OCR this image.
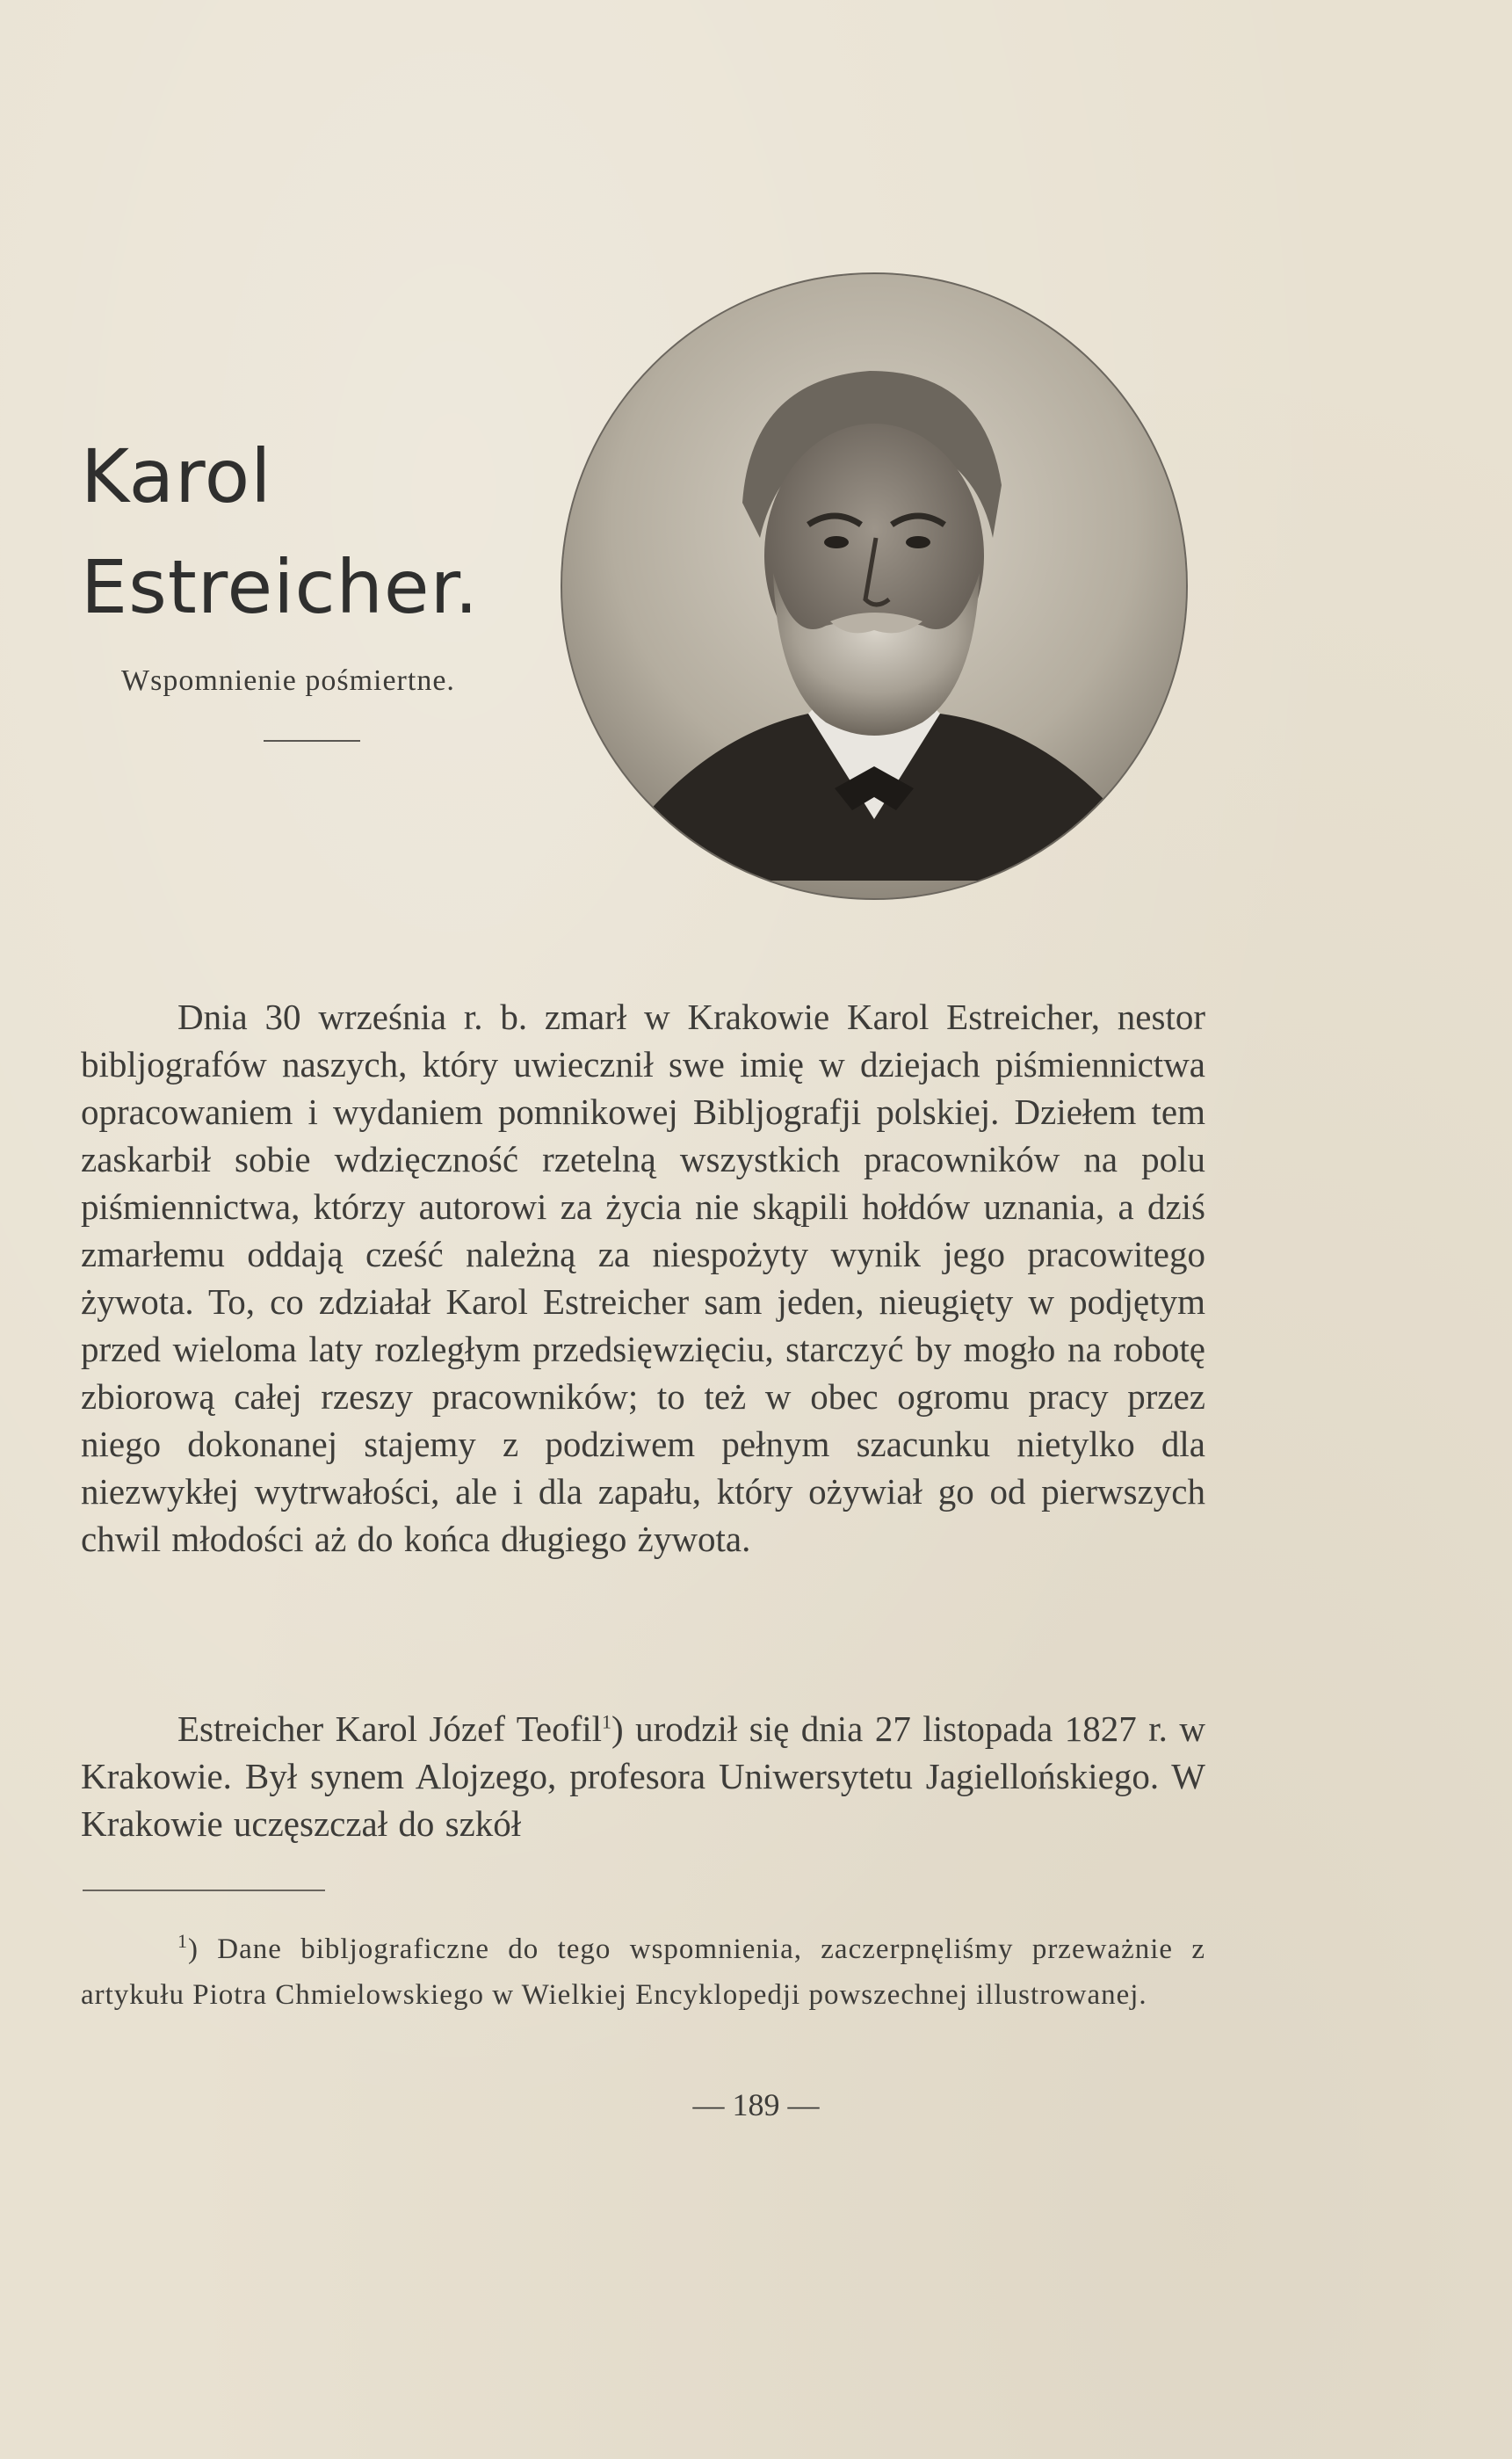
Karol
Estreicher.
Wspomnienie pośmiertne.

Dnia 30 września r. b. zmarł w Krakowie Karol Estreicher, nestor bibljografów naszych, który uwiecznił swe imię w dziejach piśmiennictwa opracowaniem i wydaniem pomnikowej Bibljografji polskiej. Dziełem tem zaskarbił sobie wdzięczność rzetelną wszystkich pracowników na polu piśmiennictwa, którzy autorowi za życia nie skąpili hołdów uznania, a dziś zmarłemu oddają cześć należną za niespożyty wynik jego pracowitego żywota. To, co zdziałał Karol Estreicher sam jeden, nieugięty w podjętym przed wieloma laty rozległym przedsięwzięciu, starczyć by mogło na robotę zbiorową całej rzeszy pracowników; to też w obec ogromu pracy przez niego dokonanej stajemy z podziwem pełnym szacunku nietylko dla niezwykłej wytrwałości, ale i dla zapału, który ożywiał go od pierwszych chwil młodości aż do końca długiego żywota.

Estreicher Karol Józef Teofil$^1$) urodził się dnia 27 listopada 1827 r. w Krakowie. Był synem Alojzego, profesora Uniwersytetu Jagiellońskiego. W Krakowie uczęszczał do szkół

$^1$) Dane bibljograficzne do tego wspomnienia, zaczerpnęliśmy przeważnie z artykułu Piotra Chmielowskiego w Wielkiej Encyklopedji powszechnej illustrowanej.

— 189 —
